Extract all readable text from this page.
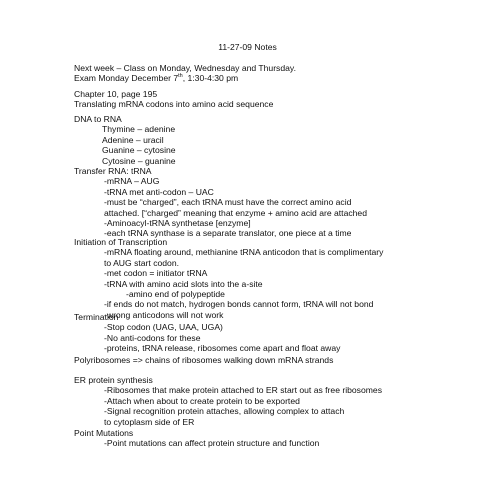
11-27-09 Notes
Next week – Class on Monday, Wednesday and Thursday.
Exam Monday December 7th, 1:30-4:30 pm
Chapter 10, page 195
Translating mRNA codons into amino acid sequence
DNA to RNA
Thymine – adenine
Adenine – uracil
Guanine – cytosine
Cytosine – guanine
Transfer RNA: tRNA
-mRNA – AUG
-tRNA met anti-codon – UAC
-must be “charged”, each tRNA must have the correct amino acid
attached. [“charged” meaning that enzyme + amino acid are attached
-Aminoacyl-tRNA synthetase [enzyme]
-each tRNA synthase is a separate translator, one piece at a time
Initiation of Transcription
-mRNA floating around, methianine tRNA anticodon that is complimentary
to AUG start codon.
-met codon = initiator tRNA
-tRNA with amino acid slots into the a-site
-amino end of polypeptide
-if ends do not match, hydrogen bonds cannot form, tRNA will not bond
-wrong anticodons will not work
Termination
-Stop codon (UAG, UAA, UGA)
-No anti-codons for these
-proteins, tRNA release, ribosomes come apart and float away
Polyribosomes => chains of ribosomes walking down mRNA strands
ER protein synthesis
-Ribosomes that make protein attached to ER start out as free ribosomes
-Attach when about to create protein to be exported
-Signal recognition protein attaches, allowing complex to attach
to cytoplasm side of ER
Point Mutations
-Point mutations can affect protein structure and function
